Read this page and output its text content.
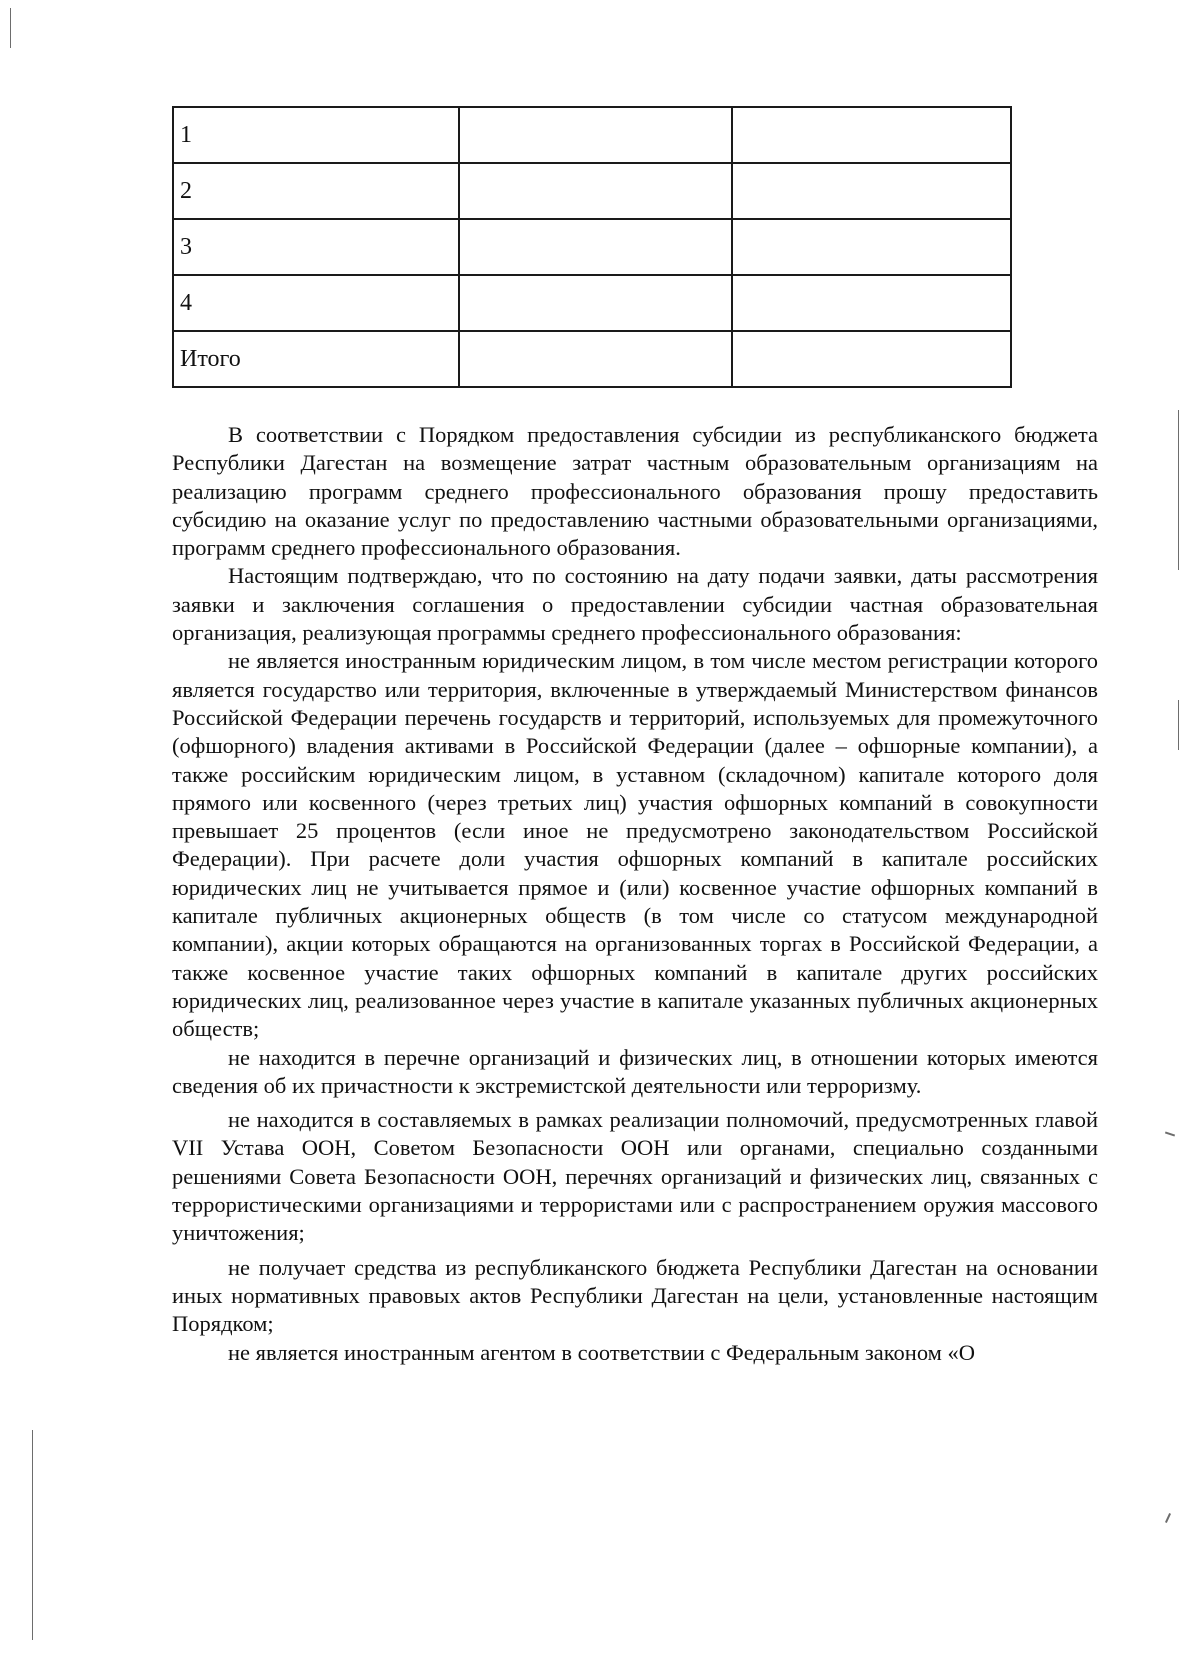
1		
2		
3		
4		
Итого		

В соответствии с Порядком предоставления субсидии из республиканского бюджета Республики Дагестан на возмещение затрат частным образовательным организациям на реализацию программ среднего профессионального образования прошу предоставить субсидию на оказание услуг по предоставлению частными образовательными организациями, программ среднего профессионального образования.

Настоящим подтверждаю, что по состоянию на дату подачи заявки, даты рассмотрения заявки и заключения соглашения о предоставлении субсидии частная образовательная организация, реализующая программы среднего профессионального образования:

не является иностранным юридическим лицом, в том числе местом регистрации которого является государство или территория, включенные в утверждаемый Министерством финансов Российской Федерации перечень государств и территорий, используемых для промежуточного (офшорного) владения активами в Российской Федерации (далее – офшорные компании), а также российским юридическим лицом, в уставном (складочном) капитале которого доля прямого или косвенного (через третьих лиц) участия офшорных компаний в совокупности превышает 25 процентов (если иное не предусмотрено законодательством Российской Федерации). При расчете доли участия офшорных компаний в капитале российских юридических лиц не учитывается прямое и (или) косвенное участие офшорных компаний в капитале публичных акционерных обществ (в том числе со статусом международной компании), акции которых обращаются на организованных торгах в Российской Федерации, а также косвенное участие таких офшорных компаний в капитале других российских юридических лиц, реализованное через участие в капитале указанных публичных акционерных обществ;

не находится в перечне организаций и физических лиц, в отношении которых имеются сведения об их причастности к экстремистской деятельности или терроризму.

не находится в составляемых в рамках реализации полномочий, предусмотренных главой VII Устава ООН, Советом Безопасности ООН или органами, специально созданными решениями Совета Безопасности ООН, перечнях организаций и физических лиц, связанных с террористическими организациями и террористами или с распространением оружия массового уничтожения;

не получает средства из республиканского бюджета Республики Дагестан на основании иных нормативных правовых актов Республики Дагестан на цели, установленные настоящим Порядком;

не является иностранным агентом в соответствии с Федеральным законом «О
